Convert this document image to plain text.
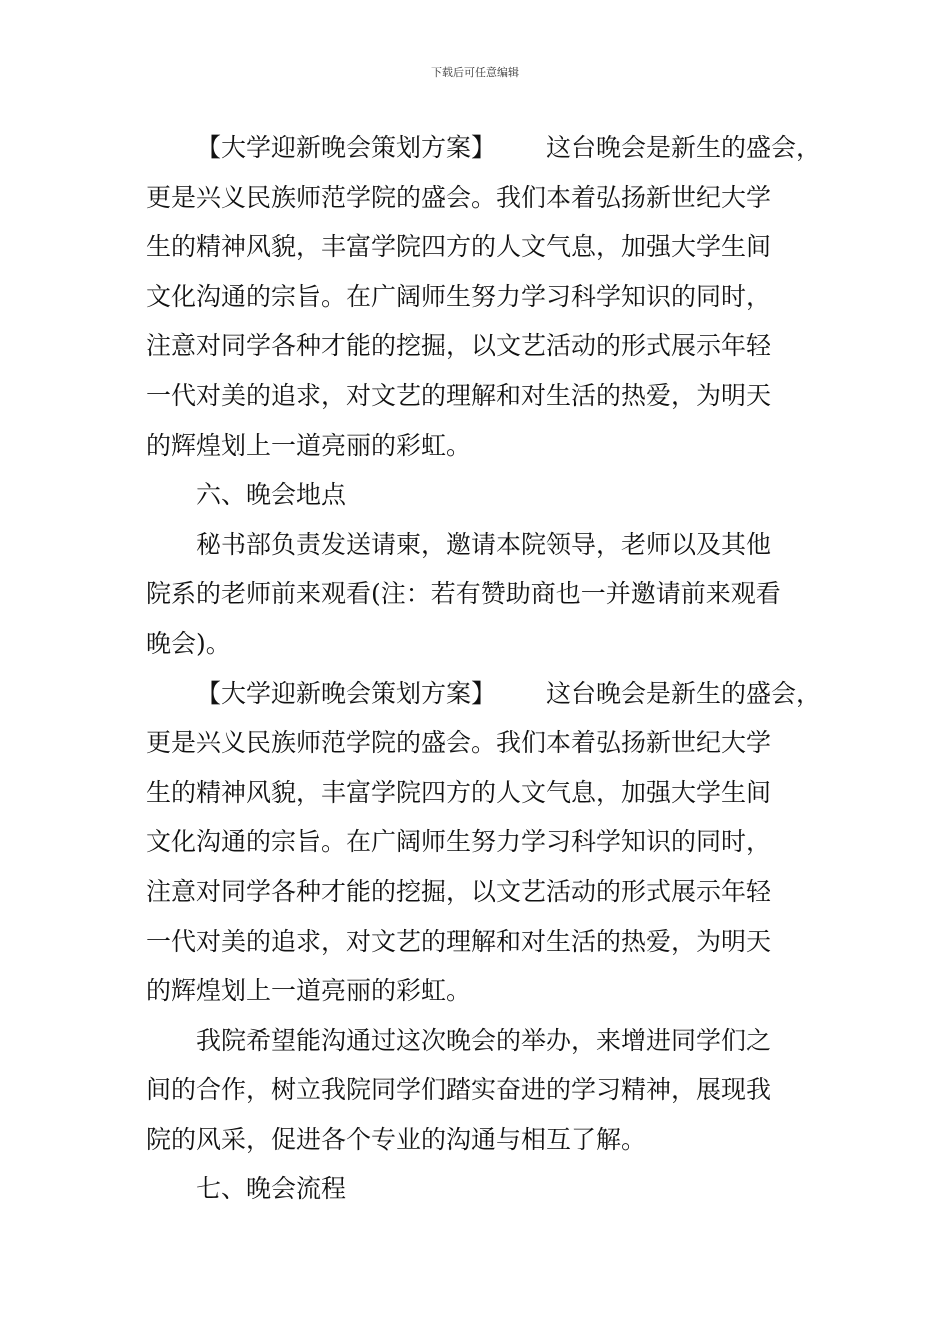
下载后可任意编辑
【大学迎新晚会策划方案】 这台晚会是新生的盛会，
更是兴义民族师范学院的盛会。我们本着弘扬新世纪大学
生的精神风貌，丰富学院四方的人文气息，加强大学生间
文化沟通的宗旨。在广阔师生努力学习科学知识的同时，
注意对同学各种才能的挖掘，以文艺活动的形式展示年轻
一代对美的追求，对文艺的理解和对生活的热爱，为明天
的辉煌划上一道亮丽的彩虹。
六、晚会地点
秘书部负责发送请柬，邀请本院领导，老师以及其他
院系的老师前来观看(注：若有赞助商也一并邀请前来观看
晚会)。
【大学迎新晚会策划方案】 这台晚会是新生的盛会，
更是兴义民族师范学院的盛会。我们本着弘扬新世纪大学
生的精神风貌，丰富学院四方的人文气息，加强大学生间
文化沟通的宗旨。在广阔师生努力学习科学知识的同时，
注意对同学各种才能的挖掘，以文艺活动的形式展示年轻
一代对美的追求，对文艺的理解和对生活的热爱，为明天
的辉煌划上一道亮丽的彩虹。
我院希望能沟通过这次晚会的举办，来增进同学们之
间的合作，树立我院同学们踏实奋进的学习精神，展现我
院的风采，促进各个专业的沟通与相互了解。
七、晚会流程
